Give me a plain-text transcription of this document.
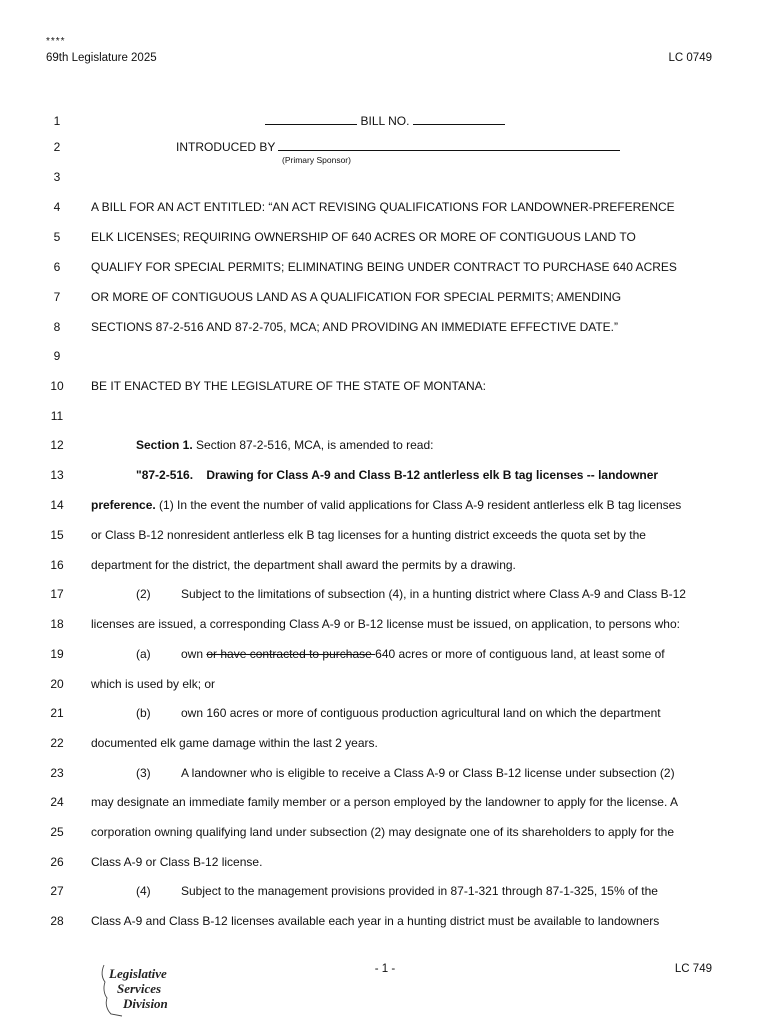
****
69th Legislature 2025	LC 0749
1	BILL NO.
2	INTRODUCED BY
(Primary Sponsor)
3
4	A BILL FOR AN ACT ENTITLED: “AN ACT REVISING QUALIFICATIONS FOR LANDOWNER-PREFERENCE
5	ELK LICENSES; REQUIRING OWNERSHIP OF 640 ACRES OR MORE OF CONTIGUOUS LAND TO
6	QUALIFY FOR SPECIAL PERMITS; ELIMINATING BEING UNDER CONTRACT TO PURCHASE 640 ACRES
7	OR MORE OF CONTIGUOUS LAND AS A QUALIFICATION FOR SPECIAL PERMITS; AMENDING
8	SECTIONS 87-2-516 AND 87-2-705, MCA; AND PROVIDING AN IMMEDIATE EFFECTIVE DATE.”
9
10	BE IT ENACTED BY THE LEGISLATURE OF THE STATE OF MONTANA:
11
12	Section 1. Section 87-2-516, MCA, is amended to read:
13	"87-2-516.    Drawing for Class A-9 and Class B-12 antlerless elk B tag licenses -- landowner
14	preference. (1) In the event the number of valid applications for Class A-9 resident antlerless elk B tag licenses
15	or Class B-12 nonresident antlerless elk B tag licenses for a hunting district exceeds the quota set by the
16	department for the district, the department shall award the permits by a drawing.
17	(2)	Subject to the limitations of subsection (4), in a hunting district where Class A-9 and Class B-12
18	licenses are issued, a corresponding Class A-9 or B-12 license must be issued, on application, to persons who:
19	(a)	own or have contracted to purchase 640 acres or more of contiguous land, at least some of
20	which is used by elk; or
21	(b)	own 160 acres or more of contiguous production agricultural land on which the department
22	documented elk game damage within the last 2 years.
23	(3)	A landowner who is eligible to receive a Class A-9 or Class B-12 license under subsection (2)
24	may designate an immediate family member or a person employed by the landowner to apply for the license. A
25	corporation owning qualifying land under subsection (2) may designate one of its shareholders to apply for the
26	Class A-9 or Class B-12 license.
27	(4)	Subject to the management provisions provided in 87-1-321 through 87-1-325, 15% of the
28	Class A-9 and Class B-12 licenses available each year in a hunting district must be available to landowners
Legislative
Services
Division
- 1 -	LC 749
